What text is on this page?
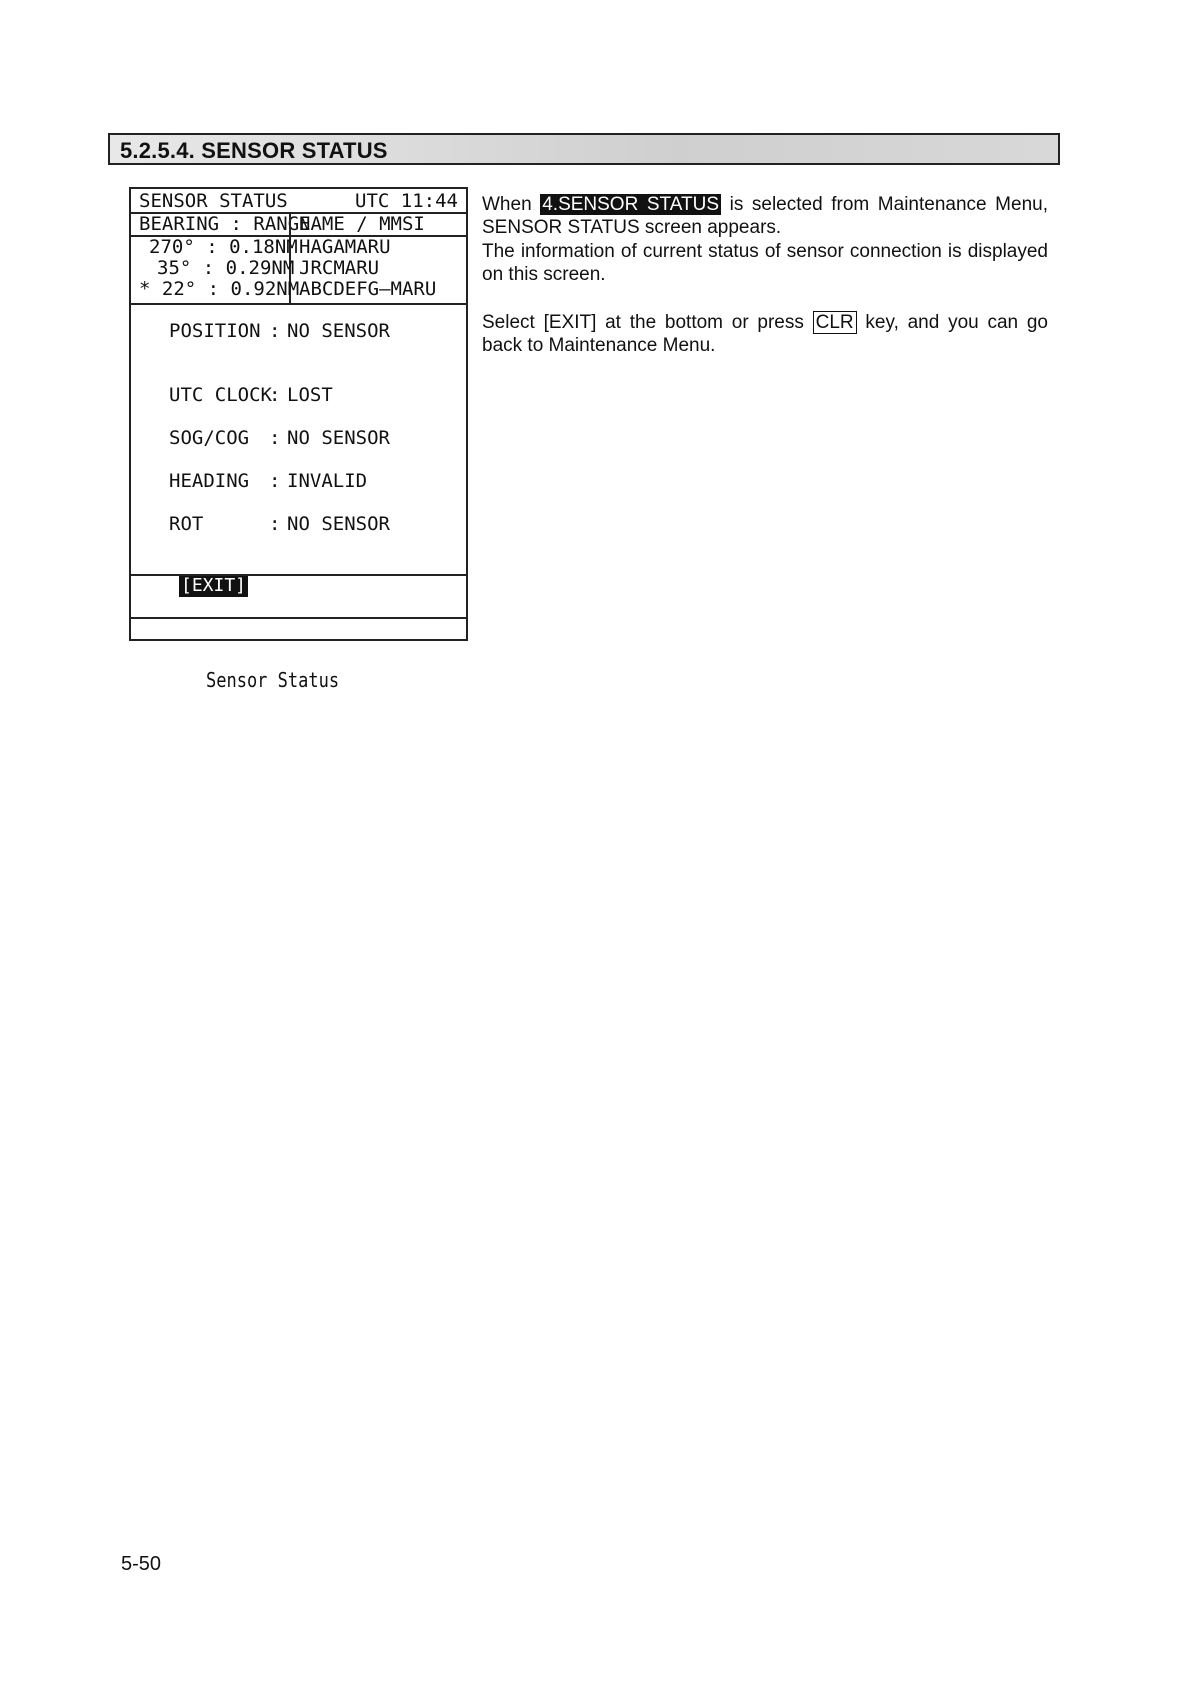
5.2.5.4. SENSOR STATUS
SENSOR STATUS	UTC 11:44
BEARING : RANGE
NAME / MMSI
270° : 0.18NM HAGAMARU
35° : 0.29NM JRCMARU
* 22° : 0.92NM ABCDEFG—MARU
POSITION : NO SENSOR
UTC CLOCK
: LOST
SOG/COG : NO SENSOR
HEADING : INVALID
ROT	: NO SENSOR
[EXIT]
Sensor Status
When 4.SENSOR STATUS is selected from Maintenance Menu, SENSOR STATUS screen appears.
The information of current status of sensor connection is displayed on this screen.
Select [EXIT] at the bottom or press CLR key, and you can go back to Maintenance Menu.
5-50
